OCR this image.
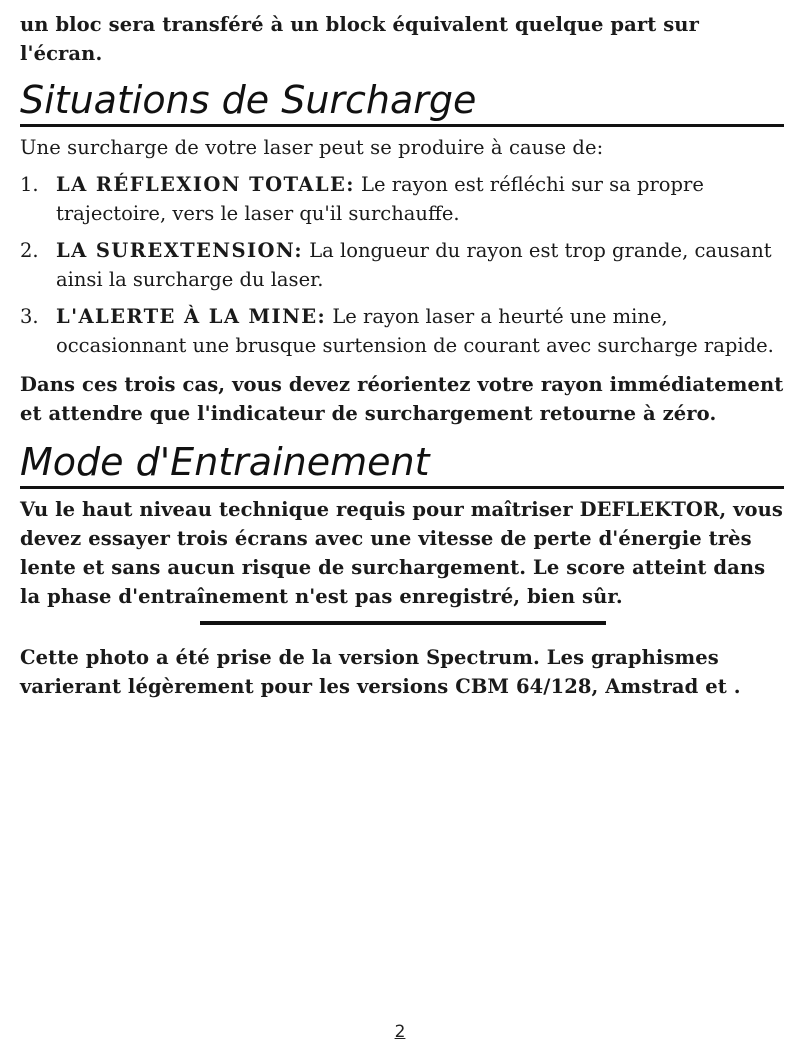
un bloc sera transféré à un block équivalent quelque part sur l'écran.

Situations de Surcharge

Une surcharge de votre laser peut se produire à cause de:

1. LA RÉFLEXION TOTALE: Le rayon est réfléchi sur sa propre trajectoire, vers le laser qu'il surchauffe.
2. LA SUREXTENSION: La longueur du rayon est trop grande, causant ainsi la surcharge du laser.
3. L'ALERTE À LA MINE: Le rayon laser a heurté une mine, occasionnant une brusque surtension de courant avec surcharge rapide.

Dans ces trois cas, vous devez réorientez votre rayon immédiatement et attendre que l'indicateur de surchargement retourne à zéro.

Mode d'Entrainement

Vu le haut niveau technique requis pour maîtriser DEFLEKTOR, vous devez essayer trois écrans avec une vitesse de perte d'énergie très lente et sans aucun risque de surchargement. Le score atteint dans la phase d'entraînement n'est pas enregistré, bien sûr.

Cette photo a été prise de la version Spectrum. Les graphismes varierant légèrement pour les versions CBM 64/128, Amstrad et .

2
